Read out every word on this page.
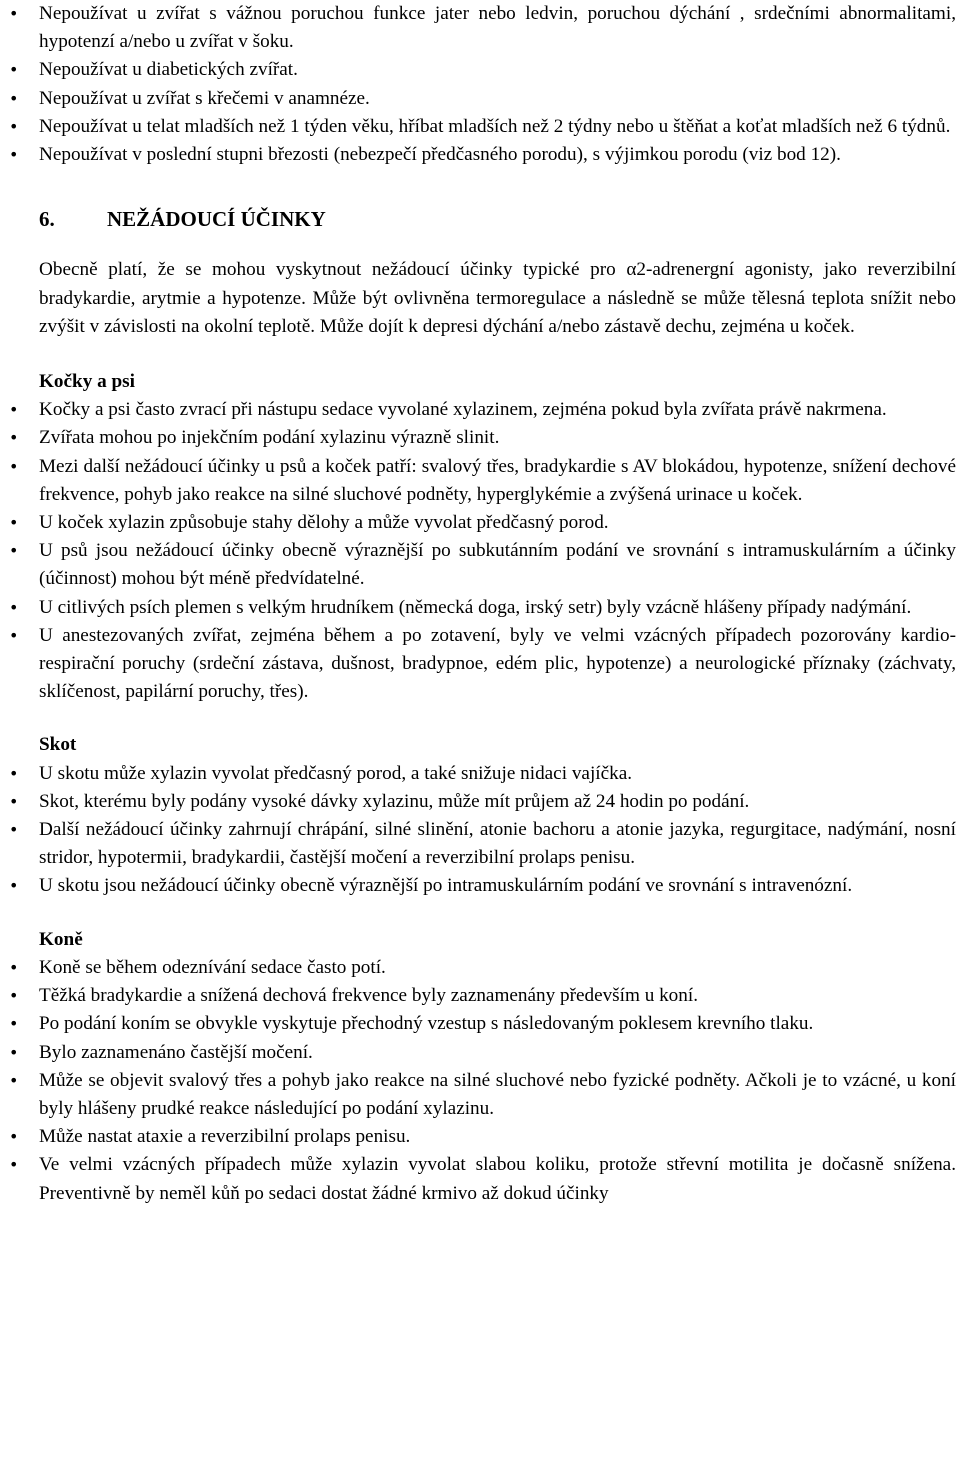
• Nepoužívat u zvířat s vážnou poruchou funkce jater nebo ledvin, poruchou dýchání , srdečními abnormalitami, hypotenzí a/nebo u zvířat v šoku.
• Nepoužívat u diabetických zvířat.
• Nepoužívat u zvířat s křečemi v anamnéze.
• Nepoužívat u telat mladších než 1 týden věku, hříbat mladších než 2 týdny nebo u štěňat a koťat mladších než 6 týdnů.
• Nepoužívat v poslední stupni březosti (nebezpečí předčasného porodu), s výjimkou porodu (viz bod 12).
6. NEŽÁDOUCÍ ÚČINKY

Obecně platí, že se mohou vyskytnout nežádoucí účinky typické pro α2-adrenergní agonisty, jako reverzibilní bradykardie, arytmie a hypotenze. Může být ovlivněna termoregulace a následně se může tělesná teplota snížit nebo zvýšit v závislosti na okolní teplotě. Může dojít k depresi dýchání a/nebo zástavě dechu, zejména u koček.

Kočky a psi
• Kočky a psi často zvrací při nástupu sedace vyvolané xylazinem, zejména pokud byla zvířata právě nakrmena.
• Zvířata mohou po injekčním podání xylazinu výrazně slinit.
• Mezi další nežádoucí účinky u psů a koček patří: svalový třes, bradykardie s AV blokádou, hypotenze, snížení dechové frekvence, pohyb jako reakce na silné sluchové podněty, hyperglykémie a zvýšená urinace u koček.
• U koček xylazin způsobuje stahy dělohy a může vyvolat předčasný porod.
• U psů jsou nežádoucí účinky obecně výraznější po subkutánním podání ve srovnání s intramuskulárním a účinky (účinnost) mohou být méně předvídatelné.
• U citlivých psích plemen s velkým hrudníkem (německá doga, irský setr) byly vzácně hlášeny případy nadýmání.
• U anestezovaných zvířat, zejména během a po zotavení, byly ve velmi vzácných případech pozorovány kardio-respirační poruchy (srdeční zástava, dušnost, bradypnoe, edém plic, hypotenze) a neurologické příznaky (záchvaty, sklíčenost, papilární poruchy, třes).
Skot
• U skotu může xylazin vyvolat předčasný porod, a také snižuje nidaci vajíčka.
• Skot, kterému byly podány vysoké dávky xylazinu, může mít průjem až 24 hodin po podání.
• Další nežádoucí účinky zahrnují chrápání, silné slinění, atonie bachoru a atonie jazyka, regurgitace, nadýmání, nosní stridor, hypotermii, bradykardii, častější močení a reverzibilní prolaps penisu.
• U skotu jsou nežádoucí účinky obecně výraznější po intramuskulárním podání ve srovnání s intravenózní.
Koně
• Koně se během odeznívání sedace často potí.
• Těžká bradykardie a snížená dechová frekvence byly zaznamenány především u koní.
• Po podání koním se obvykle vyskytuje přechodný vzestup s následovaným poklesem krevního tlaku.
• Bylo zaznamenáno častější močení.
• Může se objevit svalový třes a pohyb jako reakce na silné sluchové nebo fyzické podněty. Ačkoli je to vzácné, u koní byly hlášeny prudké reakce následující po podání xylazinu.
• Může nastat ataxie a reverzibilní prolaps penisu.
• Ve velmi vzácných případech může xylazin vyvolat slabou koliku, protože střevní motilita je dočasně snížena. Preventivně by neměl kůň po sedaci dostat žádné krmivo až dokud účinky
